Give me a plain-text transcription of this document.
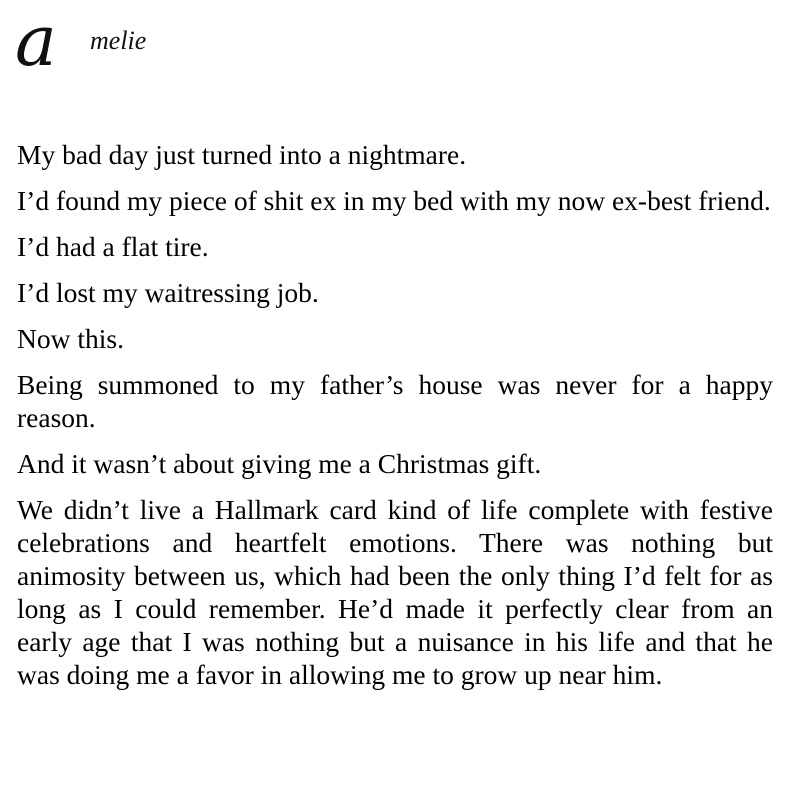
a melie

My bad day just turned into a nightmare.

I’d found my piece of shit ex in my bed with my now ex-best friend.

I’d had a flat tire.

I’d lost my waitressing job.

Now this.

Being summoned to my father’s house was never for a happy reason.

And it wasn’t about giving me a Christmas gift.

We didn’t live a Hallmark card kind of life complete with festive celebrations and heartfelt emotions. There was nothing but animosity between us, which had been the only thing I’d felt for as long as I could remember. He’d made it perfectly clear from an early age that I was nothing but a nuisance in his life and that he was doing me a favor in allowing me to grow up near him.
